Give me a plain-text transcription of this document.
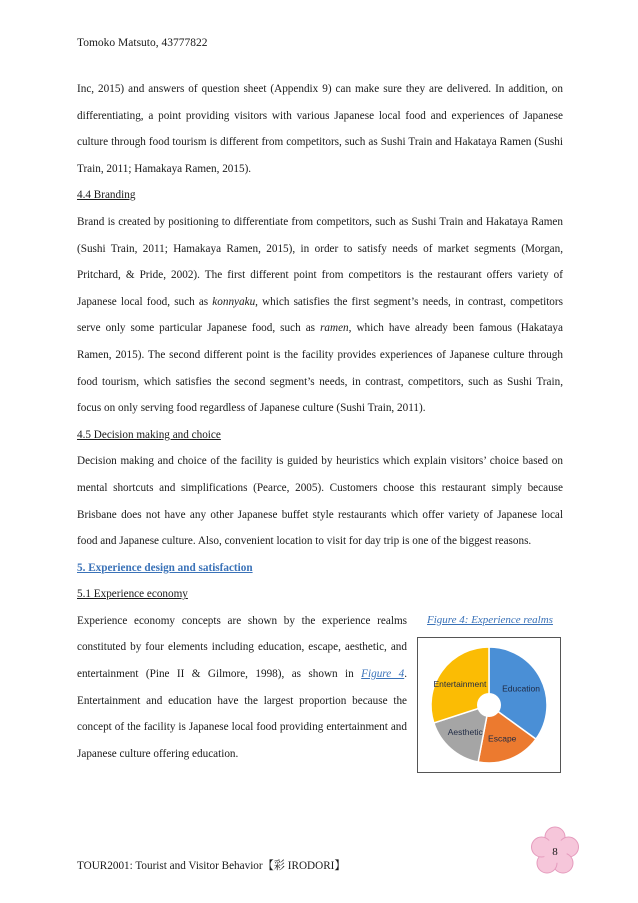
Tomoko Matsuto, 43777822

Inc, 2015) and answers of question sheet (Appendix 9) can make sure they are delivered. In addition, on differentiating, a point providing visitors with various Japanese local food and experiences of Japanese culture through food tourism is different from competitors, such as Sushi Train and Hakataya Ramen (Sushi Train, 2011; Hamakaya Ramen, 2015).

4.4 Branding

Brand is created by positioning to differentiate from competitors, such as Sushi Train and Hakataya Ramen (Sushi Train, 2011; Hamakaya Ramen, 2015), in order to satisfy needs of market segments (Morgan, Pritchard, & Pride, 2002). The first different point from competitors is the restaurant offers variety of Japanese local food, such as konnyaku, which satisfies the first segment’s needs, in contrast, competitors serve only some particular Japanese food, such as ramen, which have already been famous (Hakataya Ramen, 2015). The second different point is the facility provides experiences of Japanese culture through food tourism, which satisfies the second segment’s needs, in contrast, competitors, such as Sushi Train, focus on only serving food regardless of Japanese culture (Sushi Train, 2011).

4.5 Decision making and choice

Decision making and choice of the facility is guided by heuristics which explain visitors’ choice based on mental shortcuts and simplifications (Pearce, 2005). Customers choose this restaurant simply because Brisbane does not have any other Japanese buffet style restaurants which offer variety of Japanese local food and Japanese culture. Also, convenient location to visit for day trip is one of the biggest reasons.

5. Experience design and satisfaction

5.1 Experience economy

Experience economy concepts are shown by the experience realms constituted by four elements including education, escape, aesthetic, and entertainment (Pine II & Gilmore, 1998), as shown in Figure 4. Entertainment and education have the largest proportion because the concept of the facility is Japanese local food providing entertainment and Japanese culture offering education.

Figure 4: Experience realms
Education
Escape
Aesthetic
Entertainment
8
TOUR2001: Tourist and Visitor Behavior【彩 IRODORI】
